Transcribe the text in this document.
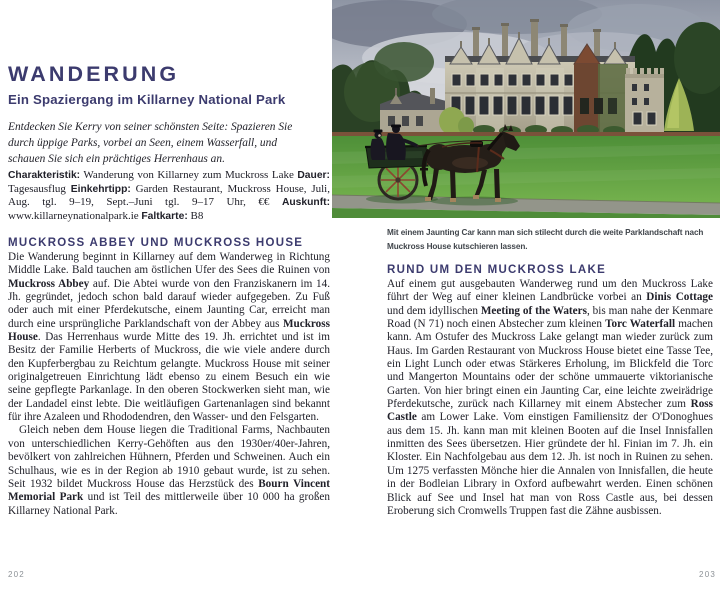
WANDERUNG
Ein Spaziergang im Killarney National Park
Entdecken Sie Kerry von seiner schönsten Seite: Spazieren Sie durch üppige Parks, vorbei an Seen, einem Wasserfall, und schauen Sie sich ein prächtiges Herrenhaus an.
Charakteristik: Wanderung von Killarney zum Muckross Lake Dauer: Tagesausflug Einkehrtipp: Garden Restaurant, Muckross House, Juli, Aug. tgl. 9–19, Sept.–Juni tgl. 9–17 Uhr, €€ Auskunft: www.killarneynationalpark.ie Faltkarte: B8
MUCKROSS ABBEY UND MUCKROSS HOUSE

Die Wanderung beginnt in Killarney auf dem Wanderweg in Richtung Middle Lake. Bald tauchen am östlichen Ufer des Sees die Ruinen von Muckross Abbey auf. Die Abtei wurde von den Franziskanern im 14. Jh. gegründet, jedoch schon bald darauf wieder aufgegeben. Zu Fuß oder auch mit einer Pferdekutsche, einem Jaunting Car, erreicht man durch eine ursprüngliche Parklandschaft von der Abbey aus Muckross House. Das Herrenhaus wurde Mitte des 19. Jh. errichtet und ist im Besitz der Familie Herberts of Muckross, die wie viele andere durch den Kupferbergbau zu Reichtum gelangte. Muckross House mit seiner originalgetreuen Einrichtung lädt ebenso zu einem Besuch ein wie seine gepflegte Parkanlage. In den oberen Stockwerken sieht man, wie der Landadel einst lebte. Die weitläufigen Gartenanlagen sind bekannt für ihre Azaleen und Rhododendren, den Wasser- und den Felsgarten.

Gleich neben dem House liegen die Traditional Farms, Nachbauten von unterschiedlichen Kerry-Gehöften aus den 1930er/40er-Jahren, bevölkert von zahlreichen Hühnern, Pferden und Schweinen. Auch ein Schulhaus, wie es in der Region ab 1910 gebaut wurde, ist zu sehen. Seit 1932 bildet Muckross House das Herzstück des Bourn Vincent Memorial Park und ist Teil des mittlerweile über 10 000 ha großen Killarney National Park.

202
Mit einem Jaunting Car kann man sich stilecht durch die weite Parklandschaft nach Muckross House kutschieren lassen.
RUND UM DEN MUCKROSS LAKE

Auf einem gut ausgebauten Wanderweg rund um den Muckross Lake führt der Weg auf einer kleinen Landbrücke vorbei an Dinis Cottage und dem idyllischen Meeting of the Waters, bis man nahe der Kenmare Road (N 71) noch einen Abstecher zum kleinen Torc Waterfall machen kann. Am Ostufer des Muckross Lake gelangt man wieder zurück zum Haus. Im Garden Restaurant von Muckross House bietet eine Tasse Tee, ein Light Lunch oder etwas Stärkeres Erholung, im Blickfeld die Torc und Mangerton Mountains oder der schöne ummauerte viktorianische Garten. Von hier bringt einen ein Jaunting Car, eine leichte zweirädrige Pferdekutsche, zurück nach Killarney mit einem Abstecher zum Ross Castle am Lower Lake. Vom einstigen Familiensitz der O'Donoghues aus dem 15. Jh. kann man mit kleinen Booten auf die Insel Innisfallen inmitten des Sees übersetzen. Hier gründete der hl. Finian im 7. Jh. ein Kloster. Ein Nachfolgebau aus dem 12. Jh. ist noch in Ruinen zu sehen. Um 1275 verfassten Mönche hier die Annalen von Innisfallen, die heute in der Bodleian Library in Oxford aufbewahrt werden. Einen schönen Blick auf See und Insel hat man von Ross Castle aus, bei dessen Eroberung sich Cromwells Truppen fast die Zähne ausbissen.

203
